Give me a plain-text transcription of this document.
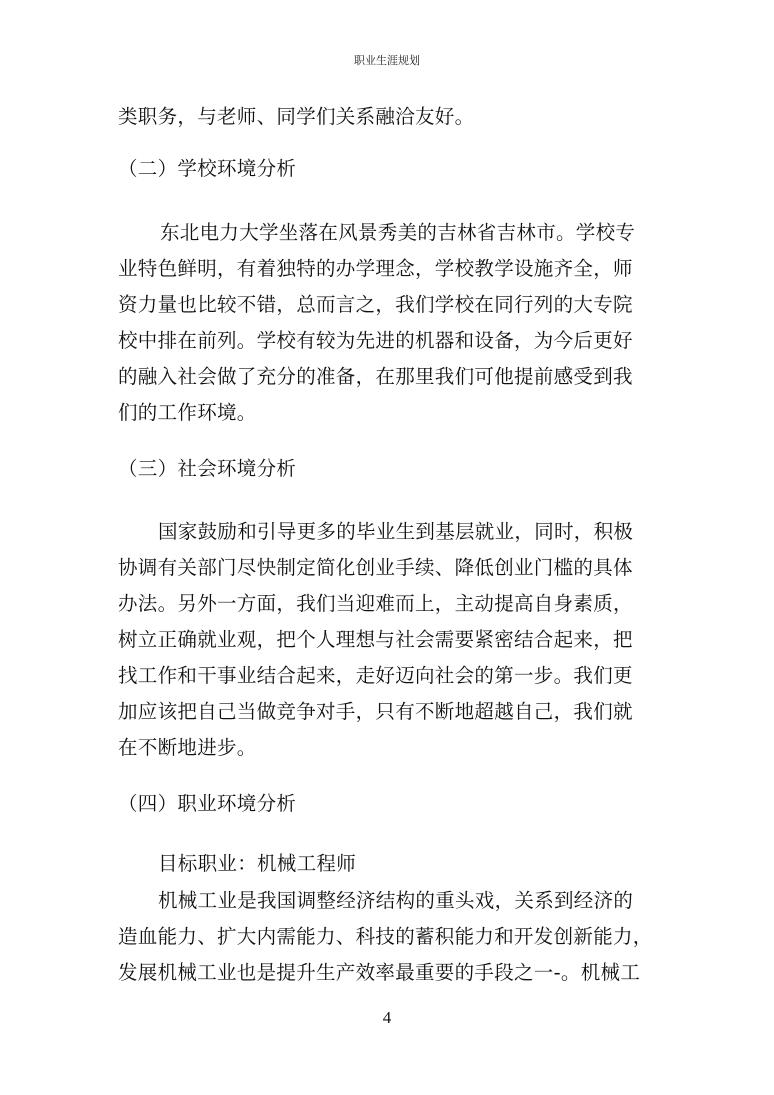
职业生涯规划
类职务，与老师、同学们关系融洽友好。
（二）学校环境分析
东北电力大学坐落在风景秀美的吉林省吉林市。学校专
业特色鲜明，有着独特的办学理念，学校教学设施齐全，师
资力量也比较不错，总而言之，我们学校在同行列的大专院
校中排在前列。学校有较为先进的机器和设备，为今后更好
的融入社会做了充分的准备，在那里我们可他提前感受到我
们的工作环境。
（三）社会环境分析
国家鼓励和引导更多的毕业生到基层就业，同时，积极
协调有关部门尽快制定简化创业手续、降低创业门槛的具体
办法。另外一方面，我们当迎难而上，主动提高自身素质，
树立正确就业观，把个人理想与社会需要紧密结合起来，把
找工作和干事业结合起来，走好迈向社会的第一步。我们更
加应该把自己当做竞争对手，只有不断地超越自己，我们就
在不断地进步。
（四）职业环境分析
目标职业：机械工程师
机械工业是我国调整经济结构的重头戏，关系到经济的
造血能力、扩大内需能力、科技的蓄积能力和开发创新能力，
发展机械工业也是提升生产效率最重要的手段之一-。机械工
4
